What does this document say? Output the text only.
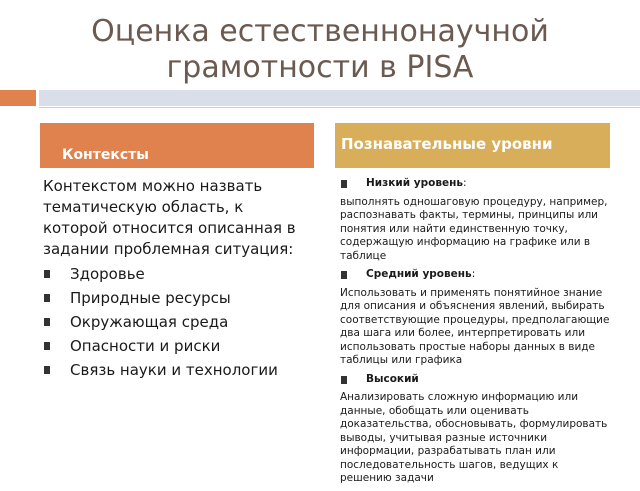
Оценка естественнонаучной грамотности в PISA
Контексты
Познавательные уровни

Контекстом можно назвать тематическую область, к которой относится описанная в задании проблемная ситуация:

Здоровье
Природные ресурсы
Окружающая среда
Опасности и риски
Связь науки и технологии
Низкий уровень:
выполнять одношаговую процедуру, например, распознавать факты, термины, принципы или понятия или найти единственную точку, содержащую информацию на графике или в таблице
Средний уровень:
Использовать и применять понятийное знание для описания и объяснения явлений, выбирать соответствующие процедуры, предполагающие два шага или более, интерпретировать или использовать простые наборы данных в виде таблицы или графика
Высокий
Анализировать сложную информацию или данные, обобщать или оценивать доказательства, обосновывать, формулировать выводы, учитывая разные источники информации, разрабатывать план или последовательность шагов, ведущих к решению задачи
